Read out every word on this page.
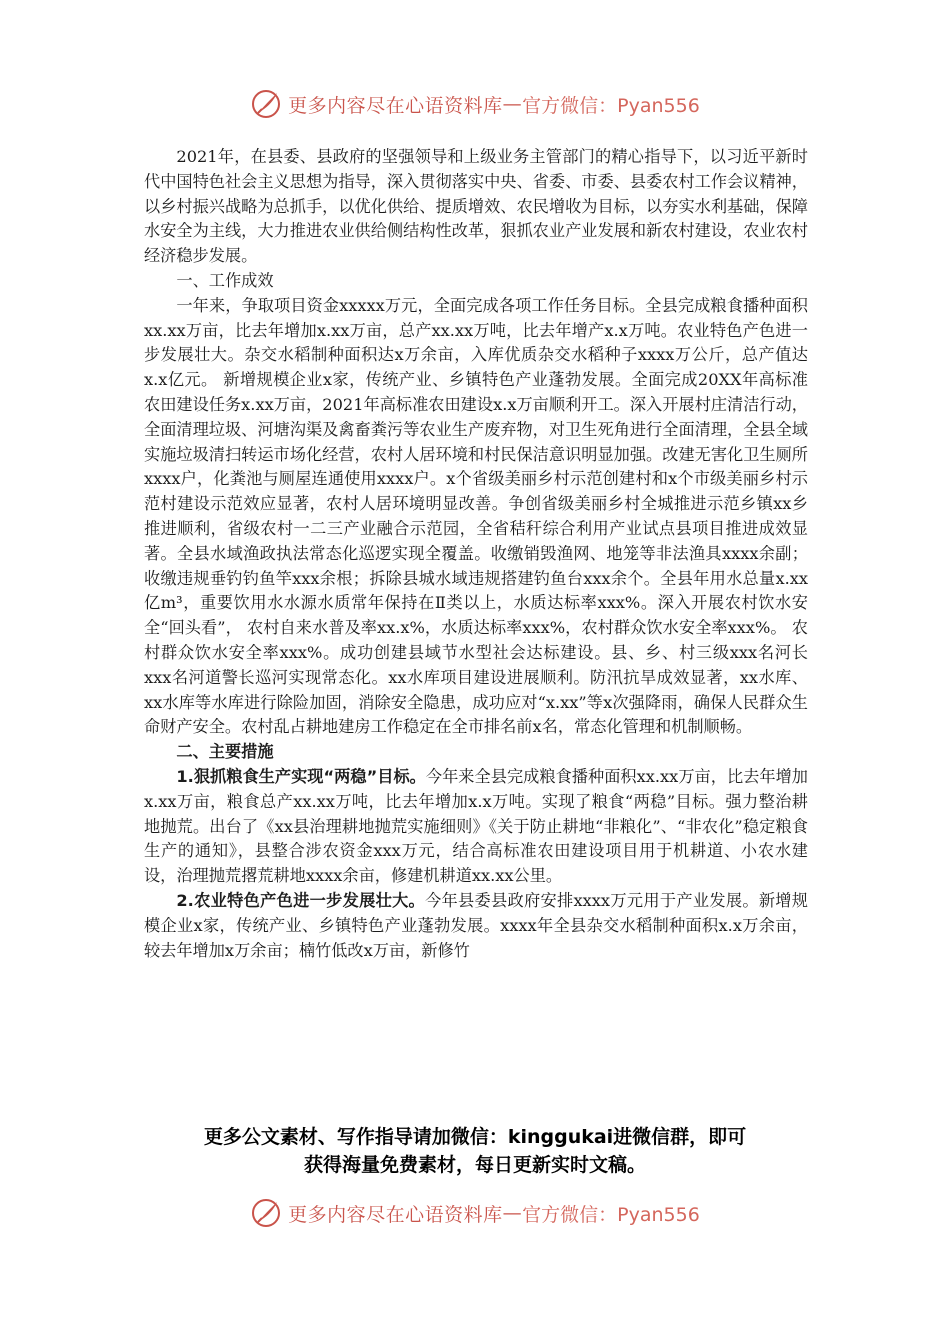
更多内容尽在心语资料库 — 官方微信：Pyan556

2021年，在县委、县政府的坚强领导和上级业务主管部门的精心指导下，以习近平新时代中国特色社会主义思想为指导，深入贯彻落实中央、省委、市委、县委农村工作会议精神，以乡村振兴战略为总抓手，以优化供给、提质增效、农民增收为目标，以夯实水利基础，保障水安全为主线，大力推进农业供给侧结构性改革，狠抓农业产业发展和新农村建设，农业农村经济稳步发展。

一、工作成效

一年来，争取项目资金xxxxx万元，全面完成各项工作任务目标。全县完成粮食播种面积xx.xx万亩，比去年增加x.xx万亩，总产xx.xx万吨，比去年增产x.x万吨。农业特色产色进一步发展壮大。杂交水稻制种面积达x万余亩，入库优质杂交水稻种子xxxx万公斤，总产值达x.x亿元。 新增规模企业x家，传统产业、乡镇特色产业蓬勃发展。全面完成20XX年高标准农田建设任务x.xx万亩，2021年高标准农田建设x.x万亩顺利开工。深入开展村庄清洁行动，全面清理垃圾、河塘沟渠及禽畜粪污等农业生产废弃物，对卫生死角进行全面清理，全县全域实施垃圾清扫转运市场化经营，农村人居环境和村民保洁意识明显加强。改建无害化卫生厕所xxxx户，化粪池与厕屋连通使用xxxx户。x个省级美丽乡村示范创建村和x个市级美丽乡村示范村建设示范效应显著，农村人居环境明显改善。争创省级美丽乡村全城推进示范乡镇xx乡推进顺利，省级农村一二三产业融合示范园，全省秸秆综合利用产业试点县项目推进成效显著。全县水域渔政执法常态化巡逻实现全覆盖。收缴销毁渔网、地笼等非法渔具xxxx余副；收缴违规垂钓钓鱼竿xxx余根；拆除县城水域违规搭建钓鱼台xxx余个。全县年用水总量x.xx亿m³，重要饮用水水源水质常年保持在Ⅱ类以上，水质达标率xxx%。深入开展农村饮水安全“回头看”， 农村自来水普及率xx.x%，水质达标率xxx%，农村群众饮水安全率xxx%。 农村群众饮水安全率xxx%。成功创建县域节水型社会达标建设。县、乡、村三级xxx名河长xxx名河道警长巡河实现常态化。xx水库项目建设进展顺利。防汛抗旱成效显著，xx水库、xx水库等水库进行除险加固，消除安全隐患，成功应对“x.xx”等x次强降雨，确保人民群众生命财产安全。农村乱占耕地建房工作稳定在全市排名前x名，常态化管理和机制顺畅。

二、主要措施

1.狠抓粮食生产实现“两稳”目标。今年来全县完成粮食播种面积xx.xx万亩，比去年增加x.xx万亩，粮食总产xx.xx万吨，比去年增加x.x万吨。实现了粮食“两稳”目标。强力整治耕地抛荒。出台了《xx县治理耕地抛荒实施细则》《关于防止耕地“非粮化”、“非农化”稳定粮食生产的通知》，县整合涉农资金xxx万元，结合高标准农田建设项目用于机耕道、小农水建设，治理抛荒撂荒耕地xxxx余亩，修建机耕道xx.xx公里。

2.农业特色产色进一步发展壮大。今年县委县政府安排xxxx万元用于产业发展。新增规模企业x家，传统产业、乡镇特色产业蓬勃发展。xxxx年全县杂交水稻制种面积x.x万余亩，较去年增加x万余亩；楠竹低改x万亩，新修竹

更多公文素材、写作指导请加微信：kinggukai进微信群，即可
获得海量免费素材，每日更新实时文稿。
更多内容尽在心语资料库 — 官方微信：Pyan556
